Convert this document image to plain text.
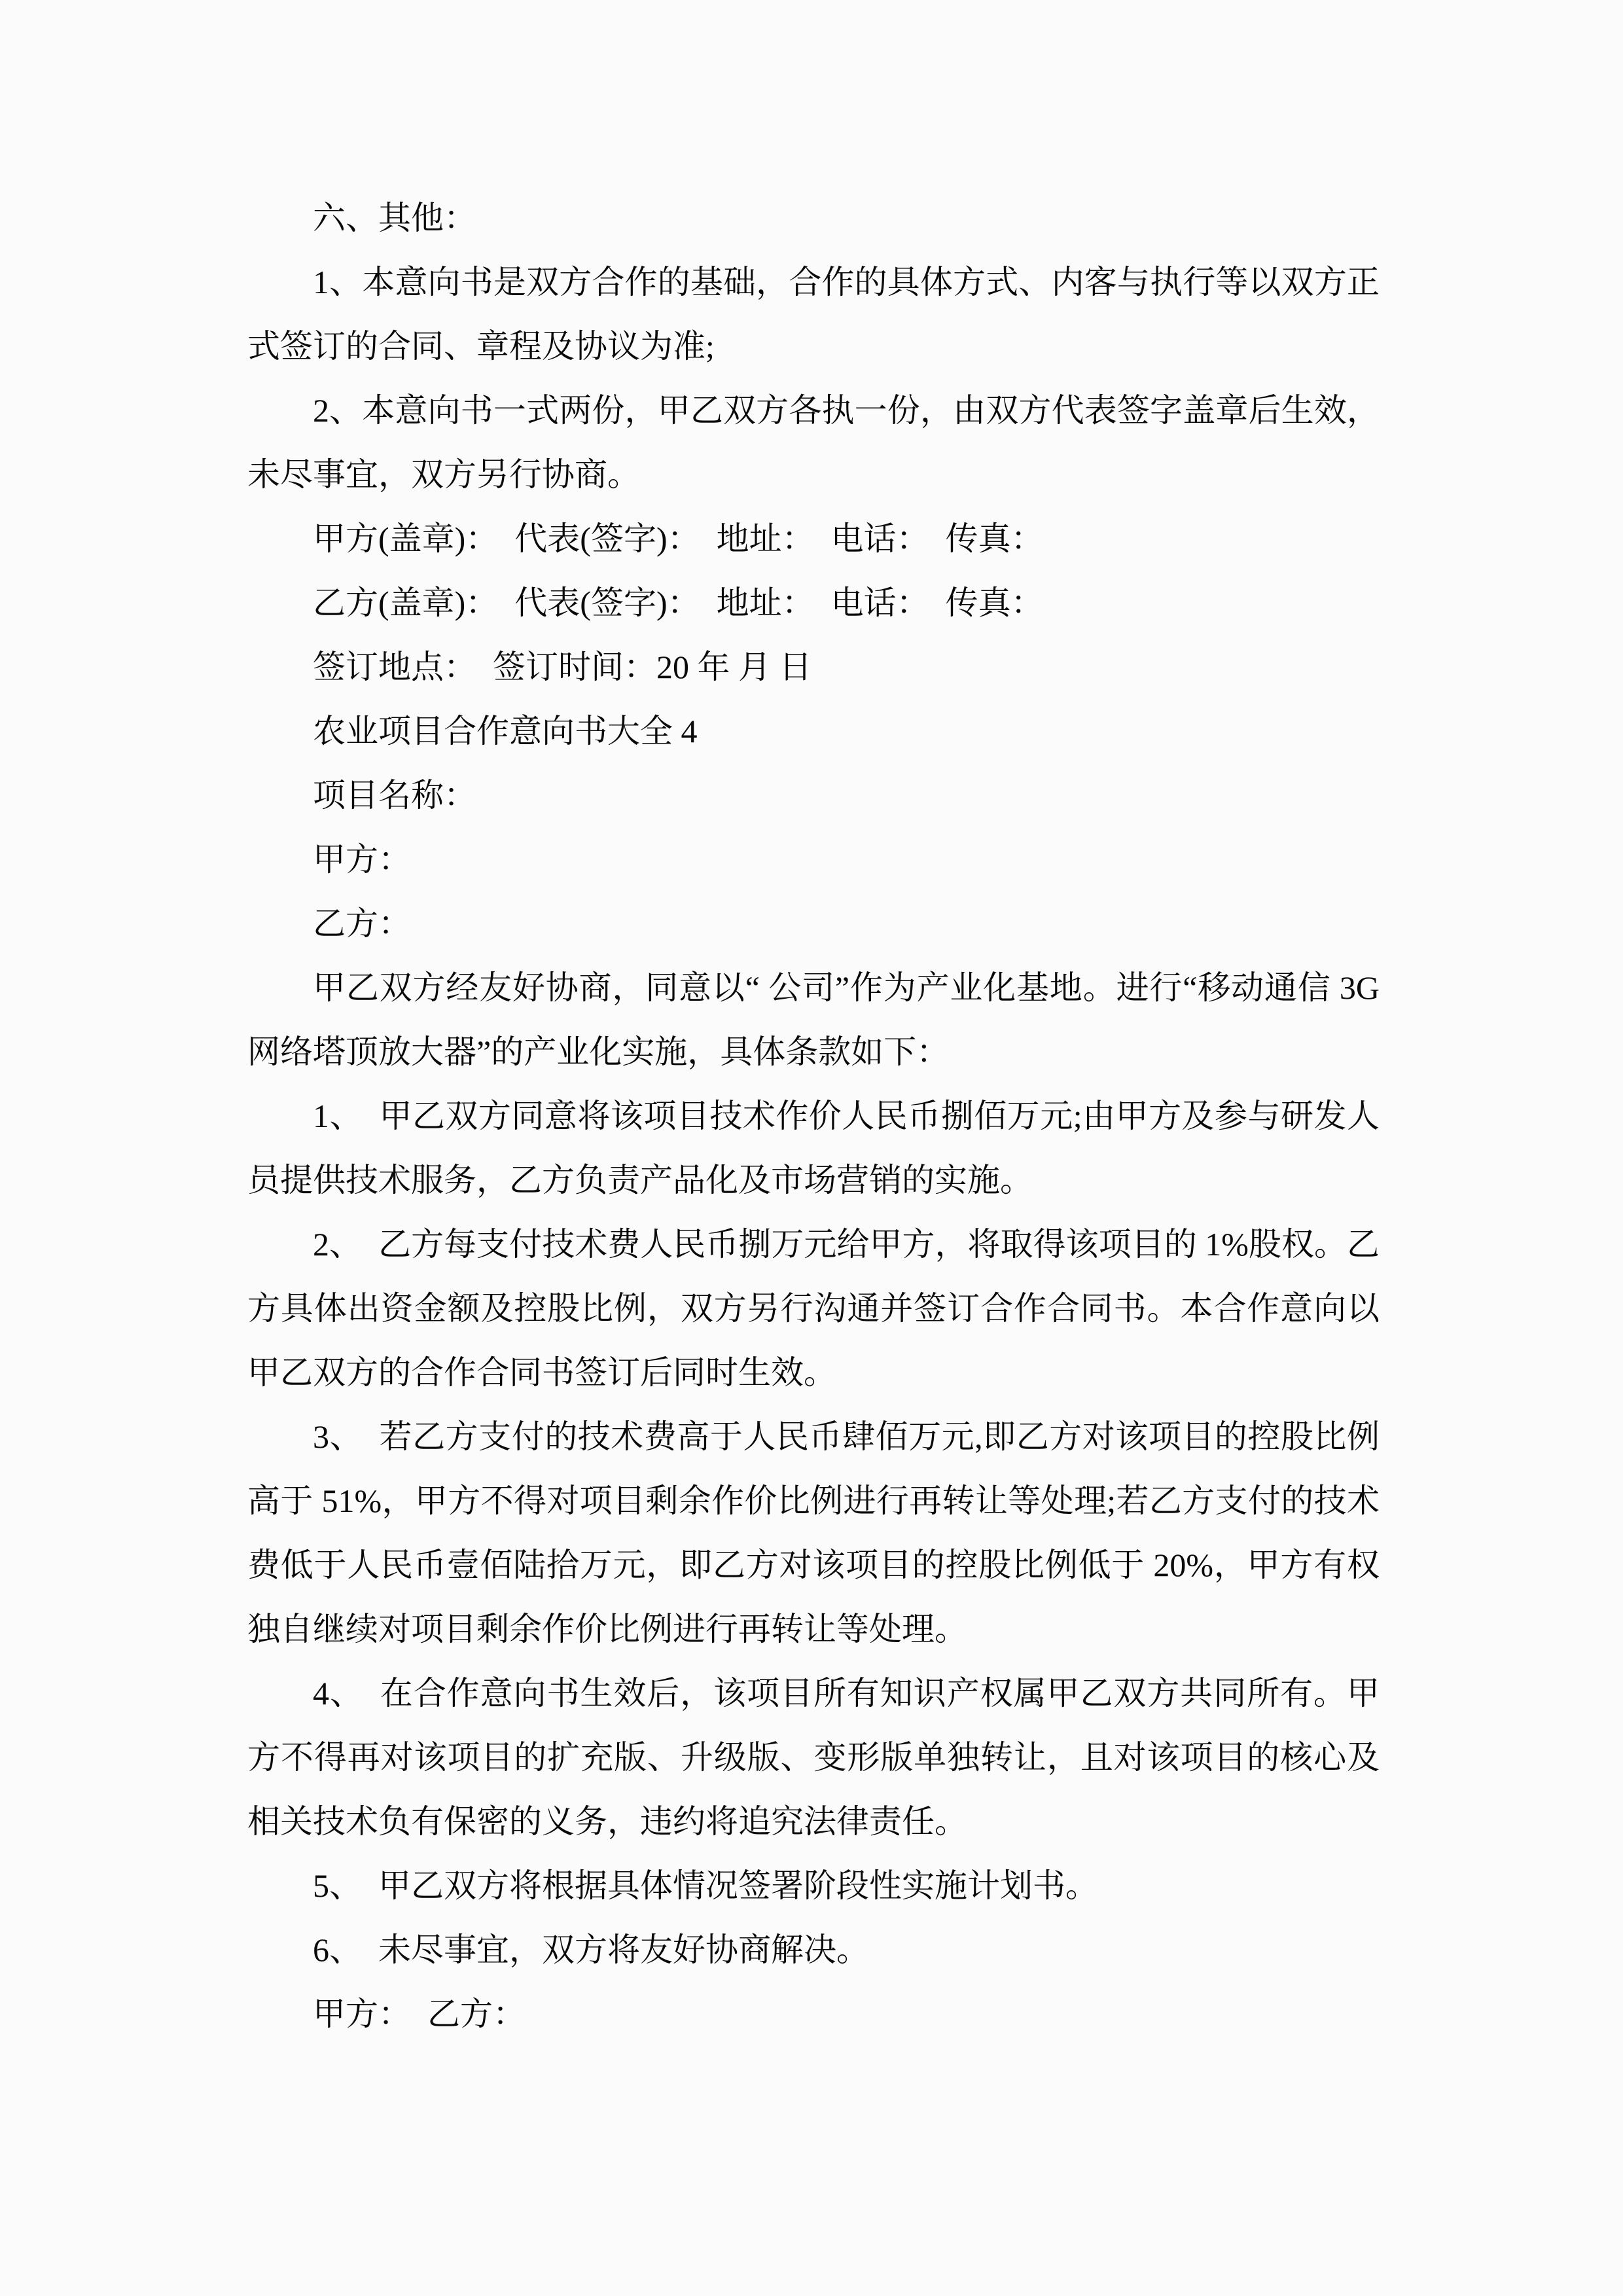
六、其他：

1、本意向书是双方合作的基础，合作的具体方式、内客与执行等以双方正式签订的合同、章程及协议为准;

2、本意向书一式两份，甲乙双方各执一份，由双方代表签字盖章后生效，未尽事宜，双方另行协商。

甲方(盖章)：　代表(签字)：　地址：　电话：　传真：

乙方(盖章)：　代表(签字)：　地址：　电话：　传真：

签订地点：　签订时间：20 年 月 日

农业项目合作意向书大全 4

项目名称：

甲方：

乙方：

甲乙双方经友好协商，同意以“ 公司”作为产业化基地。进行“移动通信 3G网络塔顶放大器”的产业化实施，具体条款如下：

1、　甲乙双方同意将该项目技术作价人民币捌佰万元;由甲方及参与研发人员提供技术服务，乙方负责产品化及市场营销的实施。

2、　乙方每支付技术费人民币捌万元给甲方，将取得该项目的 1%股权。乙方具体出资金额及控股比例，双方另行沟通并签订合作合同书。本合作意向以甲乙双方的合作合同书签订后同时生效。

3、　若乙方支付的技术费高于人民币肆佰万元,即乙方对该项目的控股比例高于 51%，甲方不得对项目剩余作价比例进行再转让等处理;若乙方支付的技术费低于人民币壹佰陆拾万元，即乙方对该项目的控股比例低于 20%，甲方有权独自继续对项目剩余作价比例进行再转让等处理。

4、　在合作意向书生效后，该项目所有知识产权属甲乙双方共同所有。甲方不得再对该项目的扩充版、升级版、变形版单独转让，且对该项目的核心及相关技术负有保密的义务，违约将追究法律责任。

5、　甲乙双方将根据具体情况签署阶段性实施计划书。

6、　未尽事宜，双方将友好协商解决。

甲方：　乙方：
